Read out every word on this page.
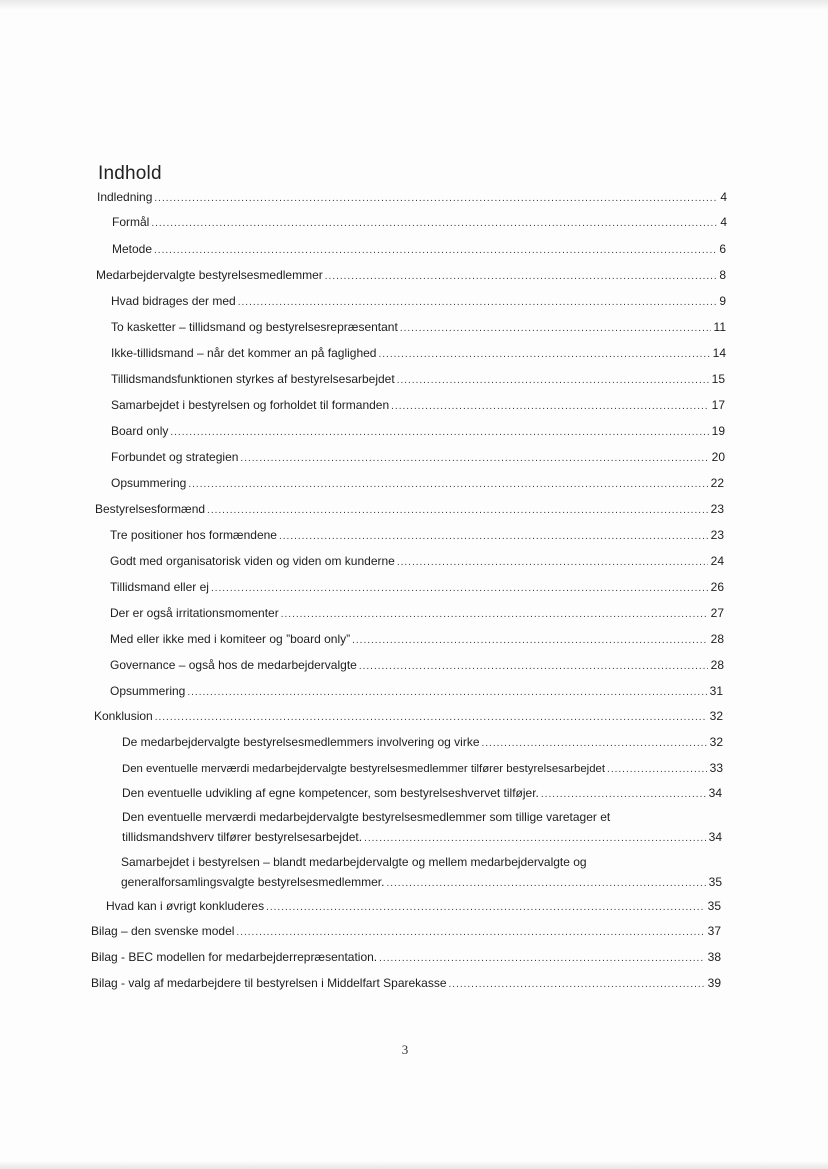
Indhold
Indledning .....	4
Formål .....	4
Metode .....	6
Medarbejdervalgte bestyrelsesmedlemmer .....	8
Hvad bidrages der med .....	9
To kasketter – tillidsmand og bestyrelsesrepræsentant .....	11
Ikke-tillidsmand – når det kommer an på faglighed .....	14
Tillidsmandsfunktionen styrkes af bestyrelsesarbejdet .....	15
Samarbejdet i bestyrelsen og forholdet til formanden .....	17
Board only .....	19
Forbundet og strategien .....	20
Opsummering .....	22
Bestyrelsesformænd .....	23
Tre positioner hos formændene .....	23
Godt med organisatorisk viden og viden om kunderne .....	24
Tillidsmand eller ej .....	26
Der er også irritationsmomenter .....	27
Med eller ikke med i komiteer og ”board only” .....	28
Governance – også hos de medarbejdervalgte .....	28
Opsummering .....	31
Konklusion .....	32
De medarbejdervalgte bestyrelsesmedlemmers involvering og virke .....	32
Den eventuelle merværdi medarbejdervalgte bestyrelsesmedlemmer tilfører bestyrelsesarbejdet .....	33
Den eventuelle udvikling af egne kompetencer, som bestyrelseshvervet tilføjer. .....	34
Den eventuelle merværdi medarbejdervalgte bestyrelsesmedlemmer som tillige varetager et
tillidsmandshverv tilfører bestyrelsesarbejdet. .....	34
Samarbejdet i bestyrelsen – blandt medarbejdervalgte og mellem medarbejdervalgte og
generalforsamlingsvalgte bestyrelsesmedlemmer. .....	35
Hvad kan i øvrigt konkluderes .....	35
Bilag – den svenske model .....	37
Bilag - BEC modellen for medarbejderrepræsentation. .....	38
Bilag - valg af medarbejdere til bestyrelsen i Middelfart Sparekasse .....	39
3
